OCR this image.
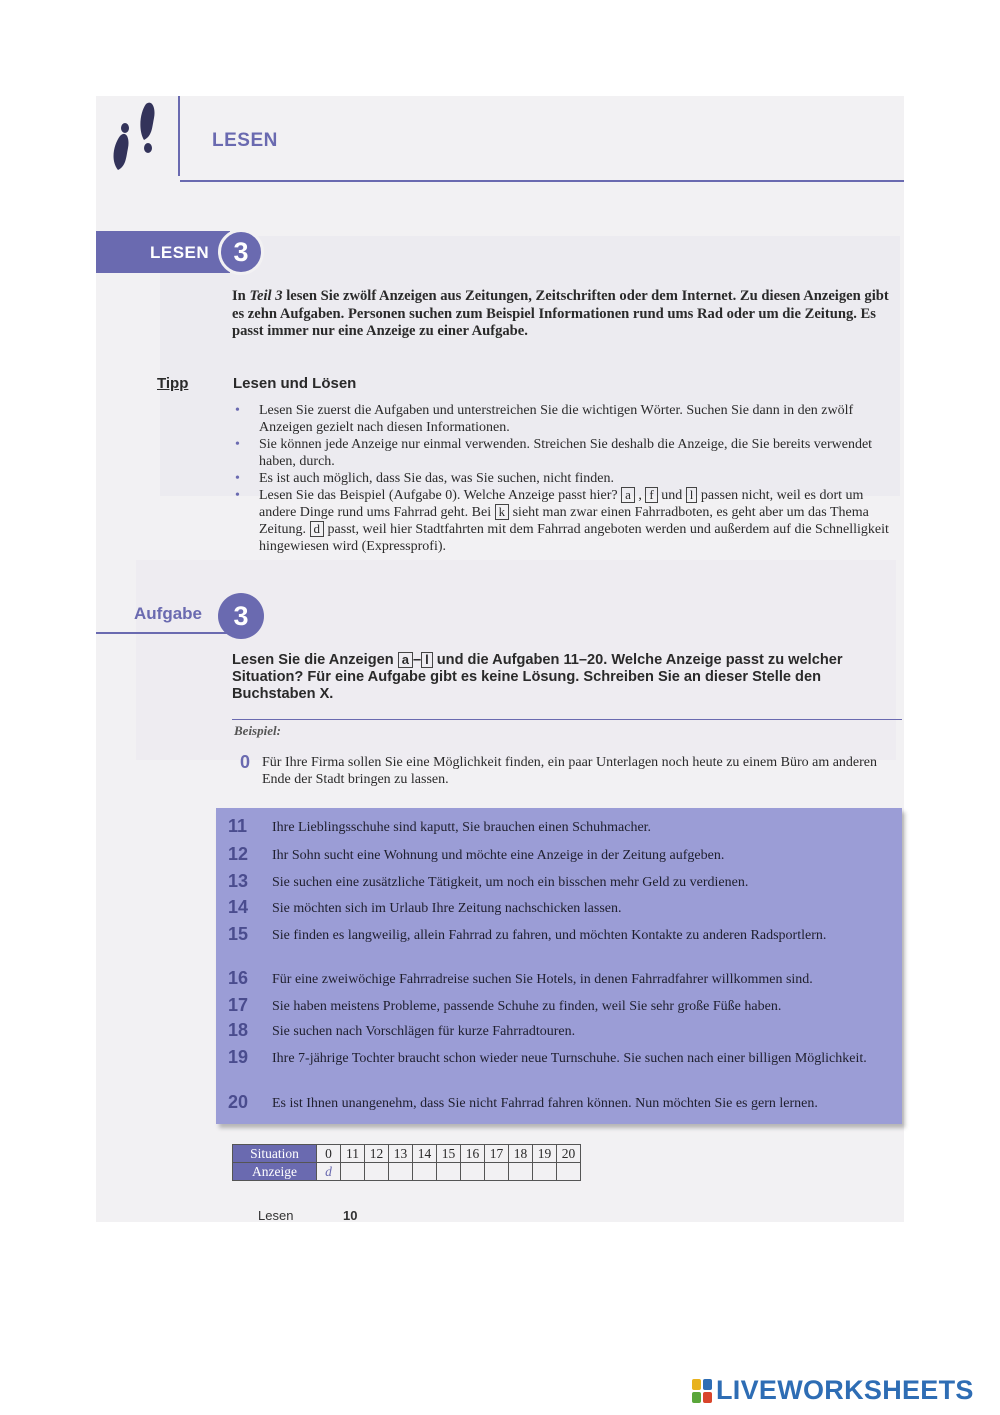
LESEN
LESEN 3
In Teil 3 lesen Sie zwölf Anzeigen aus Zeitungen, Zeitschriften oder dem Internet. Zu diesen Anzeigen gibt es zehn Aufgaben. Personen suchen zum Beispiel Informationen rund ums Rad oder um die Zeitung. Es passt immer nur eine Anzeige zu einer Aufgabe.
Tipp	Lesen und Lösen
• Lesen Sie zuerst die Aufgaben und unterstreichen Sie die wichtigen Wörter. Suchen Sie dann in den zwölf Anzeigen gezielt nach diesen Informationen.
• Sie können jede Anzeige nur einmal verwenden. Streichen Sie deshalb die Anzeige, die Sie bereits verwendet haben, durch.
• Es ist auch möglich, dass Sie das, was Sie suchen, nicht finden.
• Lesen Sie das Beispiel (Aufgabe 0). Welche Anzeige passt hier? a , f und l passen nicht, weil es dort um andere Dinge rund ums Fahrrad geht. Bei k sieht man zwar einen Fahrradboten, es geht aber um das Thema Zeitung. d passt, weil hier Stadtfahrten mit dem Fahrrad angeboten werden und außerdem auf die Schnelligkeit hingewiesen wird (Expressprofi).
Aufgabe	3
Lesen Sie die Anzeigen a – l und die Aufgaben 11–20. Welche Anzeige passt zu welcher Situation? Für eine Aufgabe gibt es keine Lösung. Schreiben Sie an dieser Stelle den Buchstaben X.
Beispiel:
0 Für Ihre Firma sollen Sie eine Möglichkeit finden, ein paar Unterlagen noch heute zu einem Büro am anderen Ende der Stadt bringen zu lassen.
11	Ihre Lieblingsschuhe sind kaputt, Sie brauchen einen Schuhmacher.
12	Ihr Sohn sucht eine Wohnung und möchte eine Anzeige in der Zeitung aufgeben.
13	Sie suchen eine zusätzliche Tätigkeit, um noch ein bisschen mehr Geld zu verdienen.
14	Sie möchten sich im Urlaub Ihre Zeitung nachschicken lassen.
15	Sie finden es langweilig, allein Fahrrad zu fahren, und möchten Kontakte zu anderen Radsportlern.
16	Für eine zweiwöchige Fahrradreise suchen Sie Hotels, in denen Fahrradfahrer willkommen sind.
17	Sie haben meistens Probleme, passende Schuhe zu finden, weil Sie sehr große Füße haben.
18	Sie suchen nach Vorschlägen für kurze Fahrradtouren.
19	Ihre 7-jährige Tochter braucht schon wieder neue Turnschuhe. Sie suchen nach einer billigen Möglichkeit.
20	Es ist Ihnen unangenehm, dass Sie nicht Fahrrad fahren können. Nun möchten Sie es gern lernen.
Situation	0	11	12	13	14	15	16	17	18	19	20
Anzeige	d										
Lesen	10
LIVEWORKSHEETS
